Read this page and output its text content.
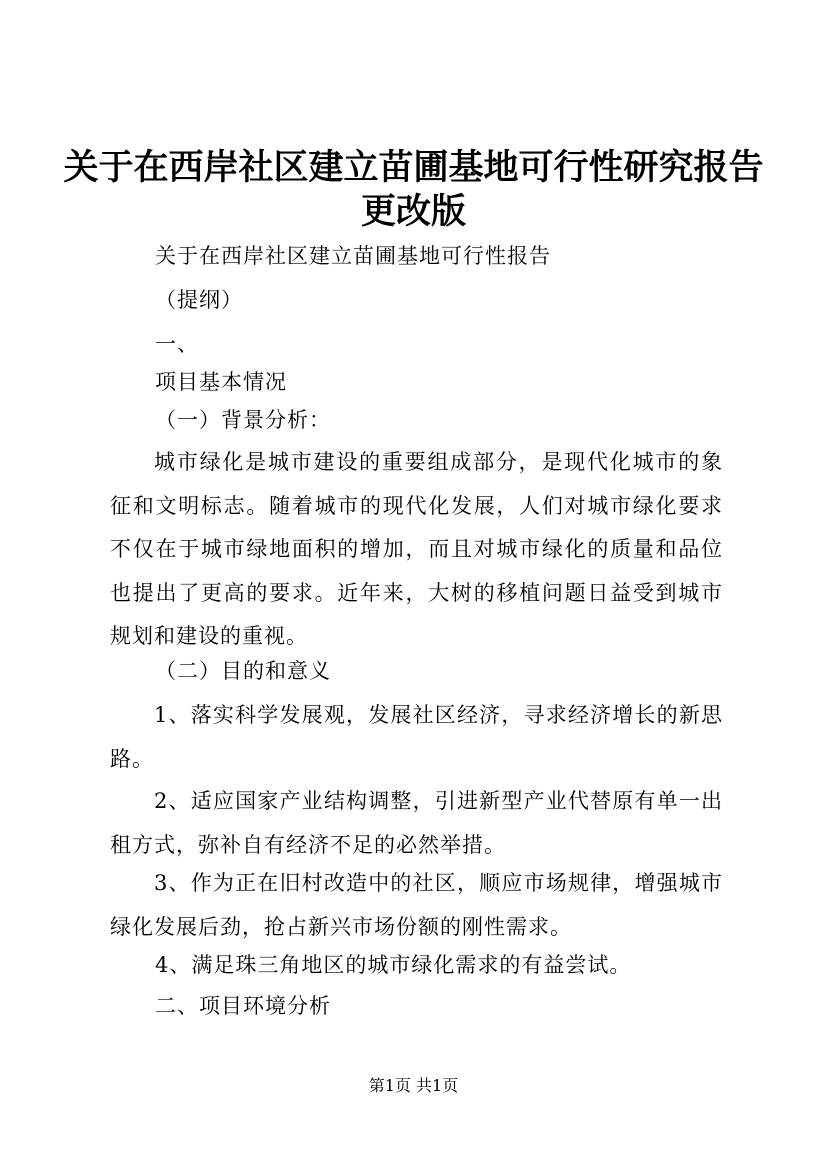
关于在西岸社区建立苗圃基地可行性研究报告
更改版

关于在西岸社区建立苗圃基地可行性报告

（提纲）

一、

项目基本情况

（一）背景分析：

城市绿化是城市建设的重要组成部分，是现代化城市的象征和文明标志。随着城市的现代化发展，人们对城市绿化要求不仅在于城市绿地面积的增加，而且对城市绿化的质量和品位也提出了更高的要求。近年来，大树的移植问题日益受到城市规划和建设的重视。

（二）目的和意义

1、落实科学发展观，发展社区经济，寻求经济增长的新思路。

2、适应国家产业结构调整，引进新型产业代替原有单一出租方式，弥补自有经济不足的必然举措。

3、作为正在旧村改造中的社区，顺应市场规律，增强城市绿化发展后劲，抢占新兴市场份额的刚性需求。

4、满足珠三角地区的城市绿化需求的有益尝试。

二、项目环境分析

第1页 共1页
